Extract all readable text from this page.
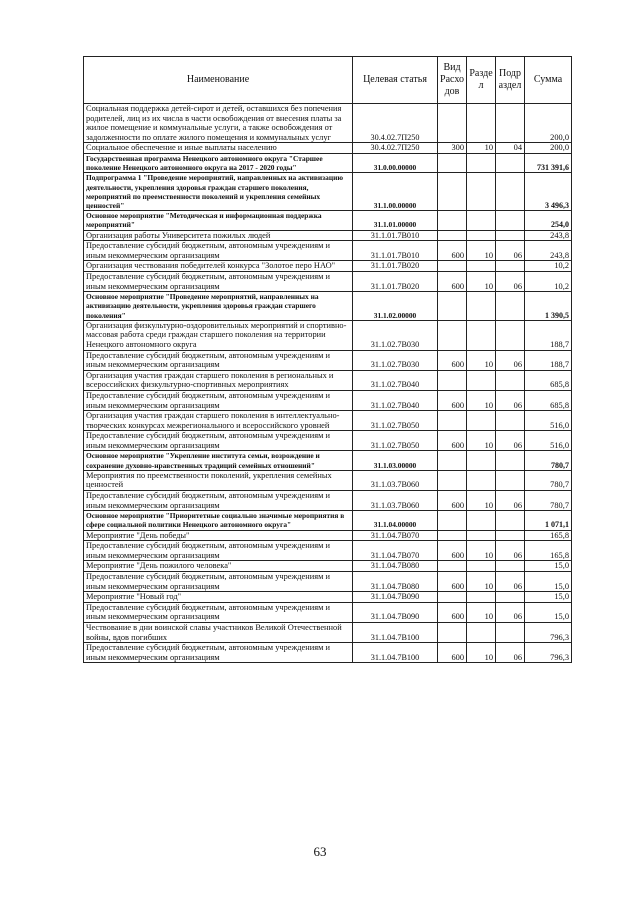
Наименование	Целевая статья	Вид Расхо дов	Разде л	Подр аздел	Сумма
Социальная поддержка детей-сирот и детей, оставшихся без попечения родителей, лиц из их числа в части освобождения от внесения платы за жилое помещение и коммунальные услуги, а также освобождения от задолженности по оплате жилого помещения и коммунальных услуг	30.4.02.7П250				200,0
Социальное обеспечение и иные выплаты населению	30.4.02.7П250	300	10	04	200,0
Государственная программа Ненецкого автономного округа "Старшее поколение Ненецкого автономного округа на 2017 - 2020 годы"	31.0.00.00000				731 391,6
Подпрограмма 1 "Проведение мероприятий, направленных на активизацию деятельности, укрепления здоровья граждан старшего поколения, мероприятий по преемственности поколений и укрепления семейных ценностей"	31.1.00.00000				3 496,3
Основное мероприятие "Методическая и информационная поддержка мероприятий"	31.1.01.00000				254,0
Организация работы Университета пожилых людей	31.1.01.7В010				243,8
Предоставление субсидий бюджетным, автономным учреждениям и иным некоммерческим организациям	31.1.01.7В010	600	10	06	243,8
Организация чествования победителей конкурса "Золотое перо НАО"	31.1.01.7В020				10,2
Предоставление субсидий бюджетным, автономным учреждениям и иным некоммерческим организациям	31.1.01.7В020	600	10	06	10,2
Основное мероприятие "Проведение мероприятий, направленных на активизацию деятельности, укрепления здоровья граждан старшего поколения"	31.1.02.00000				1 390,5
Организация физкультурно-оздоровительных мероприятий и спортивно-массовая работа среди граждан старшего поколения на территории Ненецкого автономного округа	31.1.02.7В030				188,7
Предоставление субсидий бюджетным, автономным учреждениям и иным некоммерческим организациям	31.1.02.7В030	600	10	06	188,7
Организация участия граждан старшего поколения в региональных и всероссийских физкультурно-спортивных мероприятиях	31.1.02.7В040				685,8
Предоставление субсидий бюджетным, автономным учреждениям и иным некоммерческим организациям	31.1.02.7В040	600	10	06	685,8
Организация участия граждан старшего поколения в интеллектуально-творческих конкурсах межрегионального и всероссийского уровней	31.1.02.7В050				516,0
Предоставление субсидий бюджетным, автономным учреждениям и иным некоммерческим организациям	31.1.02.7В050	600	10	06	516,0
Основное мероприятие "Укрепление института семьи, возрождение и сохранение духовно-нравственных традиций семейных отношений"	31.1.03.00000				780,7
Мероприятия по преемственности поколений, укрепления семейных ценностей	31.1.03.7В060				780,7
Предоставление субсидий бюджетным, автономным учреждениям и иным некоммерческим организациям	31.1.03.7В060	600	10	06	780,7
Основное мероприятие "Приоритетные социально значимые мероприятия в сфере социальной политики Ненецкого автономного округа"	31.1.04.00000				1 071,1
Мероприятие "День победы"	31.1.04.7В070				165,8
Предоставление субсидий бюджетным, автономным учреждениям и иным некоммерческим организациям	31.1.04.7В070	600	10	06	165,8
Мероприятие "День пожилого человека"	31.1.04.7В080				15,0
Предоставление субсидий бюджетным, автономным учреждениям и иным некоммерческим организациям	31.1.04.7В080	600	10	06	15,0
Мероприятие "Новый год"	31.1.04.7В090				15,0
Предоставление субсидий бюджетным, автономным учреждениям и иным некоммерческим организациям	31.1.04.7В090	600	10	06	15,0
Чествование в дни воинской славы участников Великой Отечественной войны, вдов погибших	31.1.04.7В100				796,3
Предоставление субсидий бюджетным, автономным учреждениям и иным некоммерческим организациям	31.1.04.7В100	600	10	06	796,3
63
